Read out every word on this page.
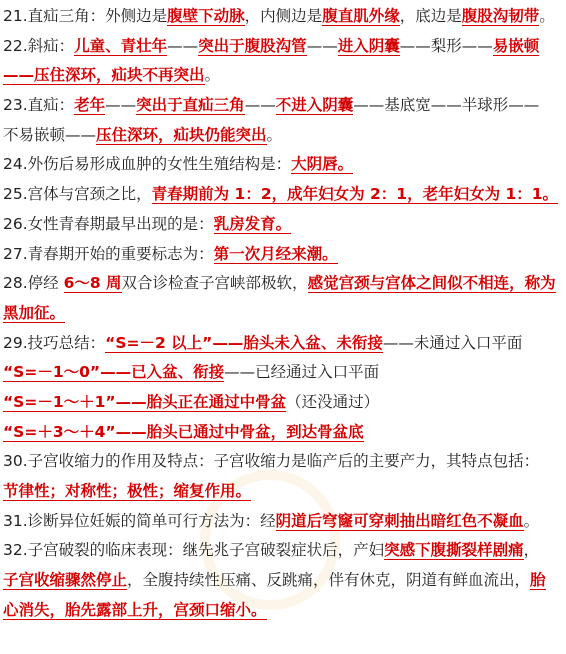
21.直疝三角：外侧边是腹壁下动脉，内侧边是腹直肌外缘，底边是腹股沟韧带。
22.斜疝：儿童、青壮年——突出于腹股沟管——进入阴囊——梨形——易嵌顿
——压住深环，疝块不再突出。
23.直疝：老年——突出于直疝三角——不进入阴囊——基底宽——半球形——
不易嵌顿——压住深环，疝块仍能突出。
24.外伤后易形成血肿的女性生殖结构是：大阴唇。
25.宫体与宫颈之比，青春期前为 1：2，成年妇女为 2：1，老年妇女为 1：1。
26.女性青春期最早出现的是：乳房发育。
27.青春期开始的重要标志为：第一次月经来潮。
28.停经 6～8 周双合诊检查子宫峡部极软，感觉宫颈与宫体之间似不相连，称为
黑加征。
29.技巧总结：“S=－2 以上”——胎头未入盆、未衔接——未通过入口平面
“S=－1～0”——已入盆、衔接——已经通过入口平面
“S=－1～＋1”——胎头正在通过中骨盆（还没通过）
“S=＋3～＋4”——胎头已通过中骨盆，到达骨盆底
30.子宫收缩力的作用及特点：子宫收缩力是临产后的主要产力，其特点包括：
节律性；对称性；极性；缩复作用。
31.诊断异位妊娠的简单可行方法为：经阴道后穹窿可穿刺抽出暗红色不凝血。
32.子宫破裂的临床表现：继先兆子宫破裂症状后，产妇突感下腹撕裂样剧痛，
子宫收缩骤然停止，全腹持续性压痛、反跳痛，伴有休克，阴道有鲜血流出，胎
心消失，胎先露部上升，宫颈口缩小。
